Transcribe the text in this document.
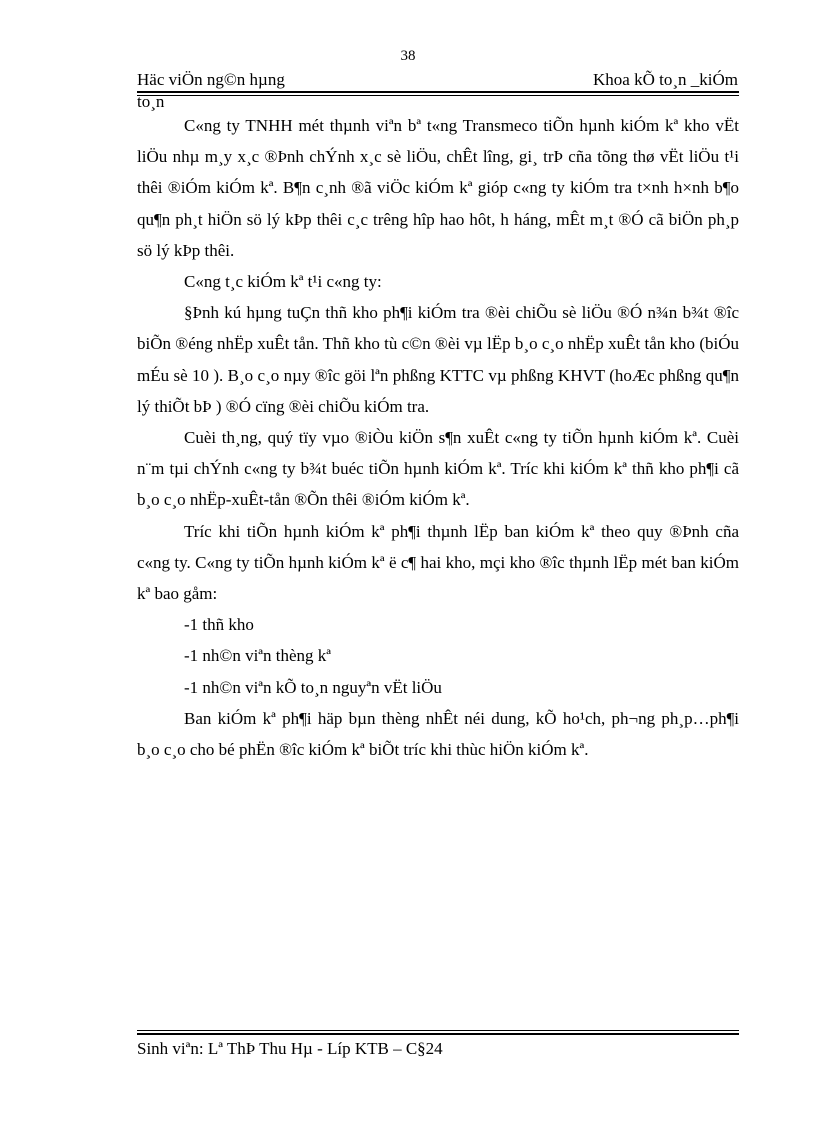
38
Häc viÖn ng©n hµng	Khoa kÕ to¸n _kiÓm
to¸n

C«ng ty TNHH mét thµnh viªn bª t«ng Transmeco tiÕn hµnh kiÓm kª kho vËt liÖu nhµ m¸y x¸c ®Þnh chÝnh x¸c sè liÖu, chÊt lîng, gi¸ trÞ cña tõng thø vËt liÖu t¹i thêi ®iÓm kiÓm kª. B¶n c¸nh ®ã viÖc kiÓm kª gióp c«ng ty kiÓm tra t×nh h×nh b¶o qu¶n ph¸t hiÖn sö lý kÞp thêi c¸c trêng hîp hao hôt, h háng, mÊt m¸t ®Ó cã biÖn ph¸p sö lý kÞp thêi.

C«ng t¸c kiÓm kª t¹i c«ng ty:

§Þnh kú hµng tuÇn thñ kho ph¶i kiÓm tra ®èi chiÕu sè liÖu ®Ó n¾n b¾t ®îc biÕn ®éng nhËp xuÊt tån. Thñ kho tù c©n ®èi vµ lËp b¸o c¸o nhËp xuÊt tån kho (biÓu mÉu sè 10 ). B¸o c¸o nµy ®îc göi lªn phßng KTTC vµ phßng KHVT (hoÆc phßng qu¶n lý thiÕt bÞ ) ®Ó cïng ®èi chiÕu kiÓm tra.

Cuèi th¸ng, quý tïy vµo ®iÒu kiÖn s¶n xuÊt c«ng ty tiÕn hµnh kiÓm kª. Cuèi n¨m tµi chÝnh c«ng ty b¾t buéc tiÕn hµnh kiÓm kª. Tríc khi kiÓm kª thñ kho ph¶i cã b¸o c¸o nhËp-xuÊt-tån ®Õn thêi ®iÓm kiÓm kª.

Tríc khi tiÕn hµnh kiÓm kª ph¶i thµnh lËp ban kiÓm kª theo quy ®Þnh cña c«ng ty. C«ng ty tiÕn hµnh kiÓm kª ë c¶ hai kho, mçi kho ®îc thµnh lËp mét ban kiÓm kª bao gåm:

-1 thñ kho

-1 nh©n viªn thèng kª

-1 nh©n viªn kÕ to¸n nguyªn vËt liÖu

Ban kiÓm kª ph¶i häp bµn thèng nhÊt néi dung, kÕ ho¹ch, ph¬ng ph¸p…ph¶i b¸o c¸o cho bé phËn ®îc kiÓm kª biÕt tríc khi thùc hiÖn kiÓm kª.

Sinh viªn: Lª ThÞ Thu Hµ - Líp KTB – C§24
